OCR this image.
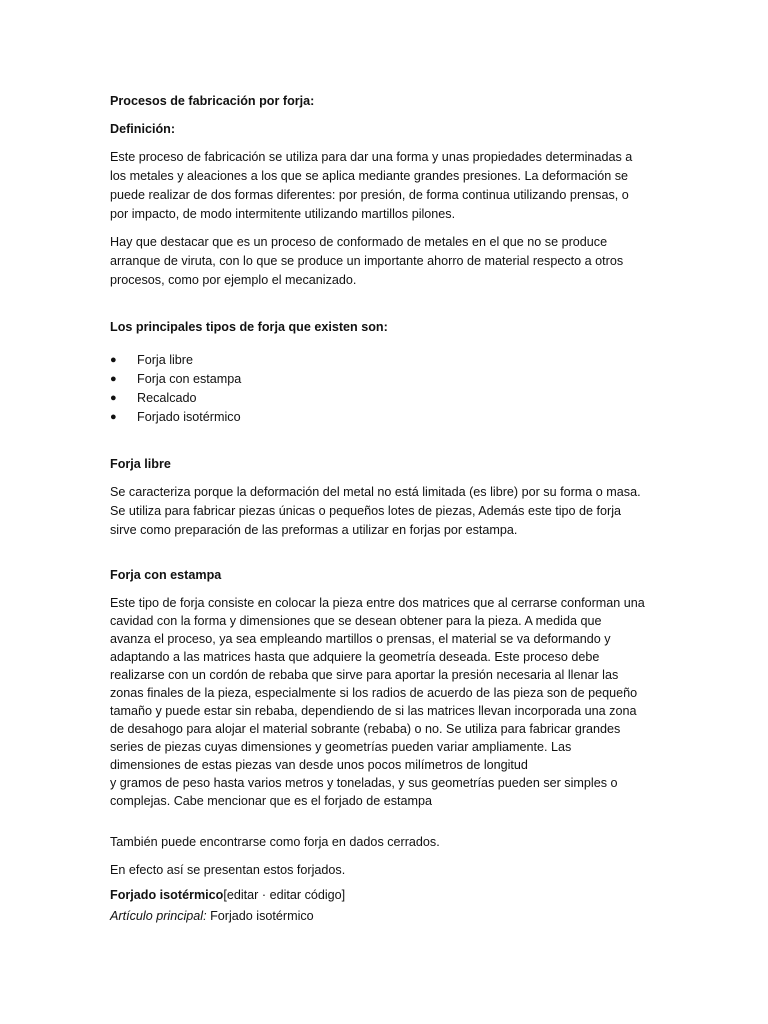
Procesos de fabricación por forja:

Definición:

Este proceso de fabricación se utiliza para dar una forma y unas propiedades determinadas a
los metales y aleaciones a los que se aplica mediante grandes presiones. La deformación se
puede realizar de dos formas diferentes: por presión, de forma continua utilizando prensas, o
por impacto, de modo intermitente utilizando martillos pilones.

Hay que destacar que es un proceso de conformado de metales en el que no se produce
arranque de viruta, con lo que se produce un importante ahorro de material respecto a otros
procesos, como por ejemplo el mecanizado.

Los principales tipos de forja que existen son:

● Forja libre
● Forja con estampa
● Recalcado
● Forjado isotérmico

Forja libre

Se caracteriza porque la deformación del metal no está limitada (es libre) por su forma o masa.
Se utiliza para fabricar piezas únicas o pequeños lotes de piezas, Además este tipo de forja
sirve como preparación de las preformas a utilizar en forjas por estampa.

Forja con estampa

Este tipo de forja consiste en colocar la pieza entre dos matrices que al cerrarse conforman una
cavidad con la forma y dimensiones que se desean obtener para la pieza. A medida que
avanza el proceso, ya sea empleando martillos o prensas, el material se va deformando y
adaptando a las matrices hasta que adquiere la geometría deseada. Este proceso debe
realizarse con un cordón de rebaba que sirve para aportar la presión necesaria al llenar las
zonas finales de la pieza, especialmente si los radios de acuerdo de las pieza son de pequeño
tamaño y puede estar sin rebaba, dependiendo de si las matrices llevan incorporada una zona
de desahogo para alojar el material sobrante (rebaba) o no. Se utiliza para fabricar grandes
series de piezas cuyas dimensiones y geometrías pueden variar ampliamente. Las
dimensiones de estas piezas van desde unos pocos milímetros de longitud
y gramos de peso hasta varios metros y toneladas, y sus geometrías pueden ser simples o
complejas. Cabe mencionar que es el forjado de estampa

También puede encontrarse como forja en dados cerrados.

En efecto así se presentan estos forjados.

Forjado isotérmico[editar · editar código]

Artículo principal: Forjado isotérmico
